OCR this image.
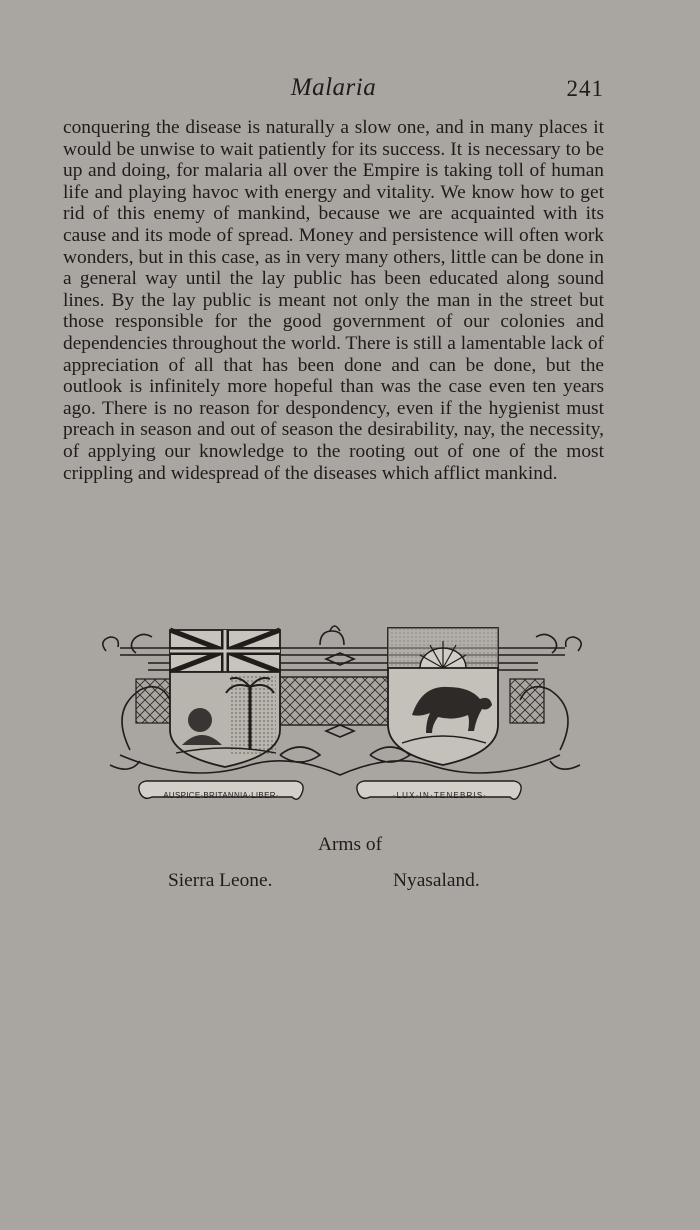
Malaria	241

conquering the disease is naturally a slow one, and in many places it would be unwise to wait patiently for its success. It is necessary to be up and doing, for malaria all over the Empire is taking toll of human life and playing havoc with energy and vitality. We know how to get rid of this enemy of mankind, because we are acquainted with its cause and its mode of spread. Money and persistence will often work wonders, but in this case, as in very many others, little can be done in a general way until the lay public has been educated along sound lines. By the lay public is meant not only the man in the street but those responsible for the good government of our colonies and dependencies throughout the world. There is still a lamentable lack of appreciation of all that has been done and can be done, but the outlook is infinitely more hopeful than was the case even ten years ago. There is no reason for despondency, even if the hygienist must preach in season and out of season the desirability, nay, the necessity, of applying our knowledge to the rooting out of one of the most crippling and widespread of the diseases which afflict mankind.

AUSPICE·BRITANNIA·LIBER·	·LUX·IN·TENEBRIS·
Arms of
Sierra Leone.	Nyasaland.
